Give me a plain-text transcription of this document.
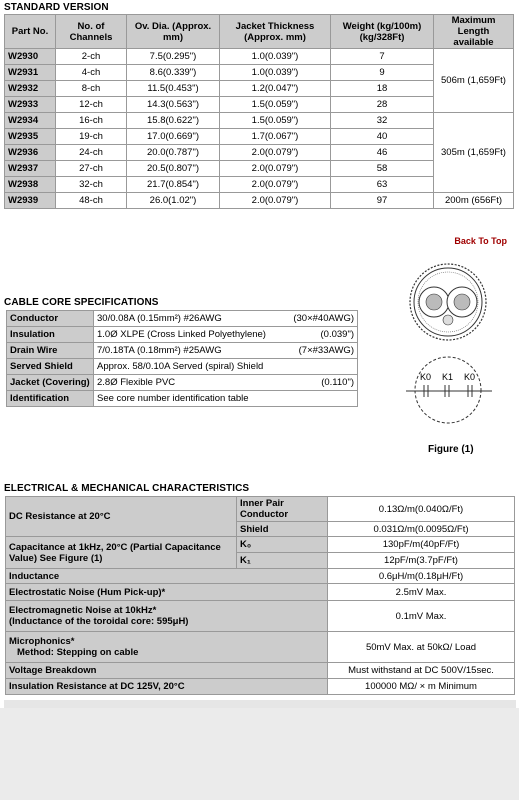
STANDARD VERSION
Part No.	No. of Channels	Ov. Dia. (Approx. mm)	Jacket Thickness (Approx. mm)	Weight (kg/100m) (kg/328Ft)	Maximum Length available
W2930	2-ch	7.5(0.295")	1.0(0.039")	7	506m (1,659Ft)
W2931	4-ch	8.6(0.339")	1.0(0.039")	9	
W2932	8-ch	11.5(0.453")	1.2(0.047")	18	
W2933	12-ch	14.3(0.563")	1.5(0.059")	28	
W2934	16-ch	15.8(0.622")	1.5(0.059")	32	305m (1,659Ft)
W2935	19-ch	17.0(0.669")	1.7(0.067")	40	
W2936	24-ch	20.0(0.787")	2.0(0.079")	46	
W2937	27-ch	20.5(0.807")	2.0(0.079")	58	
W2938	32-ch	21.7(0.854")	2.0(0.079")	63	
W2939	48-ch	26.0(1.02")	2.0(0.079")	97	200m (656Ft)
Back To Top
CABLE CORE SPECIFICATIONS
Conductor		30/0.08A (0.15mm²) #26AWG	(30×#40AWG)

Insulation		1.0Ø XLPE (Cross Linked Polyethylene)	(0.039")

Drain Wire		7/0.18TA (0.18mm²) #25AWG	(7×#33AWG)

Served Shield		Approx. 58/0.10A Served (spiral) Shield

Jacket (Covering)	2.8Ø Flexible PVC	(0.110")

Identification		See core number identification table
K0 K1 K0
Figure (1)
ELECTRICAL & MECHANICAL CHARACTERISTICS
DC Resistance at 20°C	Inner Pair Conductor	0.13Ω/m(0.040Ω/Ft)
	Shield	0.031Ω/m(0.0095Ω/Ft)
Capacitance at 1kHz, 20°C (Partial Capacitance Value) See Figure (1)	K₀	130pF/m(40pF/Ft)
	K₁	12pF/m(3.7pF/Ft)
Inductance		0.6μH/m(0.18μH/Ft)
Electrostatic Noise (Hum Pick-up)*		2.5mV Max.

Electromagnetic Noise at 10kHz*
(Inductance of the toroidal core: 595μH)		0.1mV Max.

Microphonics*
Method: Stepping on cable		50mV Max. at 50kΩ/ Load
Voltage Breakdown		Must withstand at DC 500V/15sec.
Insulation Resistance at DC 125V, 20°C		100000 MΩ/ × m Minimum
